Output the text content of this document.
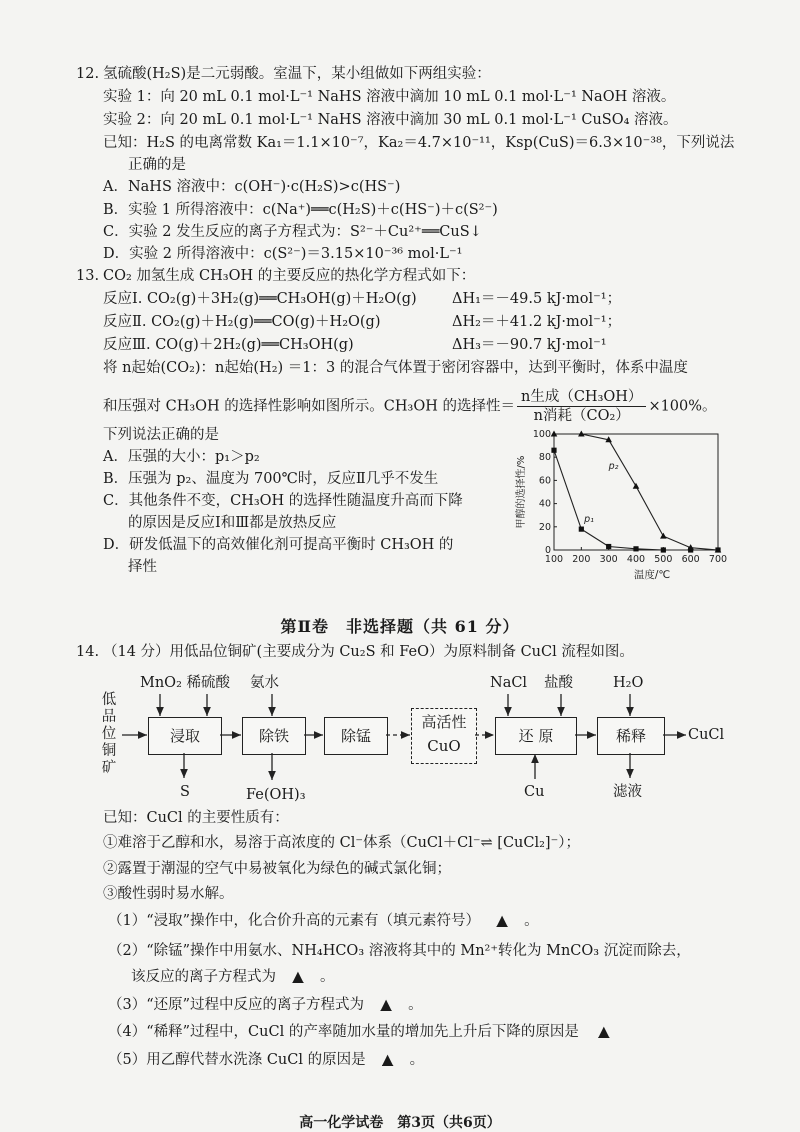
12. 氢硫酸(H₂S)是二元弱酸。室温下，某小组做如下两组实验：
实验 1：向 20 mL 0.1 mol·L⁻¹ NaHS 溶液中滴加 10 mL 0.1 mol·L⁻¹ NaOH 溶液。
实验 2：向 20 mL 0.1 mol·L⁻¹ NaHS 溶液中滴加 30 mL 0.1 mol·L⁻¹ CuSO₄ 溶液。
已知：H₂S 的电离常数 Ka₁＝1.1×10⁻⁷，Ka₂＝4.7×10⁻¹¹，Ksp(CuS)＝6.3×10⁻³⁸，下列说法
正确的是
A．NaHS 溶液中：c(OH⁻)·c(H₂S)>c(HS⁻)
B．实验 1 所得溶液中：c(Na⁺)══c(H₂S)＋c(HS⁻)＋c(S²⁻)
C．实验 2 发生反应的离子方程式为：S²⁻＋Cu²⁺══CuS↓
D．实验 2 所得溶液中：c(S²⁻)＝3.15×10⁻³⁶ mol·L⁻¹
13. CO₂ 加氢生成 CH₃OH 的主要反应的热化学方程式如下：
反应Ⅰ. CO₂(g)＋3H₂(g)══CH₃OH(g)＋H₂O(g) ΔH₁＝－49.5 kJ·mol⁻¹；
反应Ⅱ. CO₂(g)＋H₂(g)══CO(g)＋H₂O(g)	ΔH₂＝＋41.2 kJ·mol⁻¹；
反应Ⅲ. CO(g)＋2H₂(g)══CH₃OH(g)	ΔH₃＝－90.7 kJ·mol⁻¹
将 n起始(CO₂)：n起始(H₂) ＝1：3 的混合气体置于密闭容器中，达到平衡时，体系中温度
和压强对 CH₃OH 的选择性影响如图所示。CH₃OH 的选择性＝ $\frac{\text{n生成（CH₃OH）}}{\text{n消耗（CO₂）}} \times 100\%$。
下列说法正确的是
A．压强的大小：p₁＞p₂
B．压强为 p₂、温度为 700℃时，反应Ⅱ几乎不发生
C．其他条件不变，CH₃OH 的选择性随温度升高而下降
的原因是反应Ⅰ和Ⅲ都是放热反应
D．研发低温下的高效催化剂可提高平衡时 CH₃OH 的
择性	100 200 300 400 500 600 700
0
20
40
60
80
100
温度/℃
甲醇的选择性/%	p₁
p₂
第Ⅱ卷　非选择题（共 61 分）
14. （14 分）用低品位铜矿(主要成分为 Cu₂S 和 FeO）为原料制备 CuCl 流程如图。
低
品
位
铜
矿
MnO₂ 稀硫酸 氨水	NaCl 盐酸	H₂O
浸取	除铁	除锰
高活性
CuO
还 原	稀释	CuCl
S	Fe(OH)₃	Cu	滤液
已知：CuCl 的主要性质有：
①难溶于乙醇和水，易溶于高浓度的 Cl⁻体系（CuCl＋Cl⁻⇌ [CuCl₂]⁻）；
②露置于潮湿的空气中易被氧化为绿色的碱式氯化铜；
③酸性弱时易水解。
（1）“浸取”操作中，化合价升高的元素有（填元素符号） ▲ 。
（2）“除锰”操作中用氨水、NH₄HCO₃ 溶液将其中的 Mn²⁺转化为 MnCO₃ 沉淀而除去，
该反应的离子方程式为 ▲ 。
（3）“还原”过程中反应的离子方程式为 ▲ 。
（4）“稀释”过程中，CuCl 的产率随加水量的增加先上升后下降的原因是 ▲
（5）用乙醇代替水洗涤 CuCl 的原因是 ▲ 。
高一化学试卷　第3页（共6页）
